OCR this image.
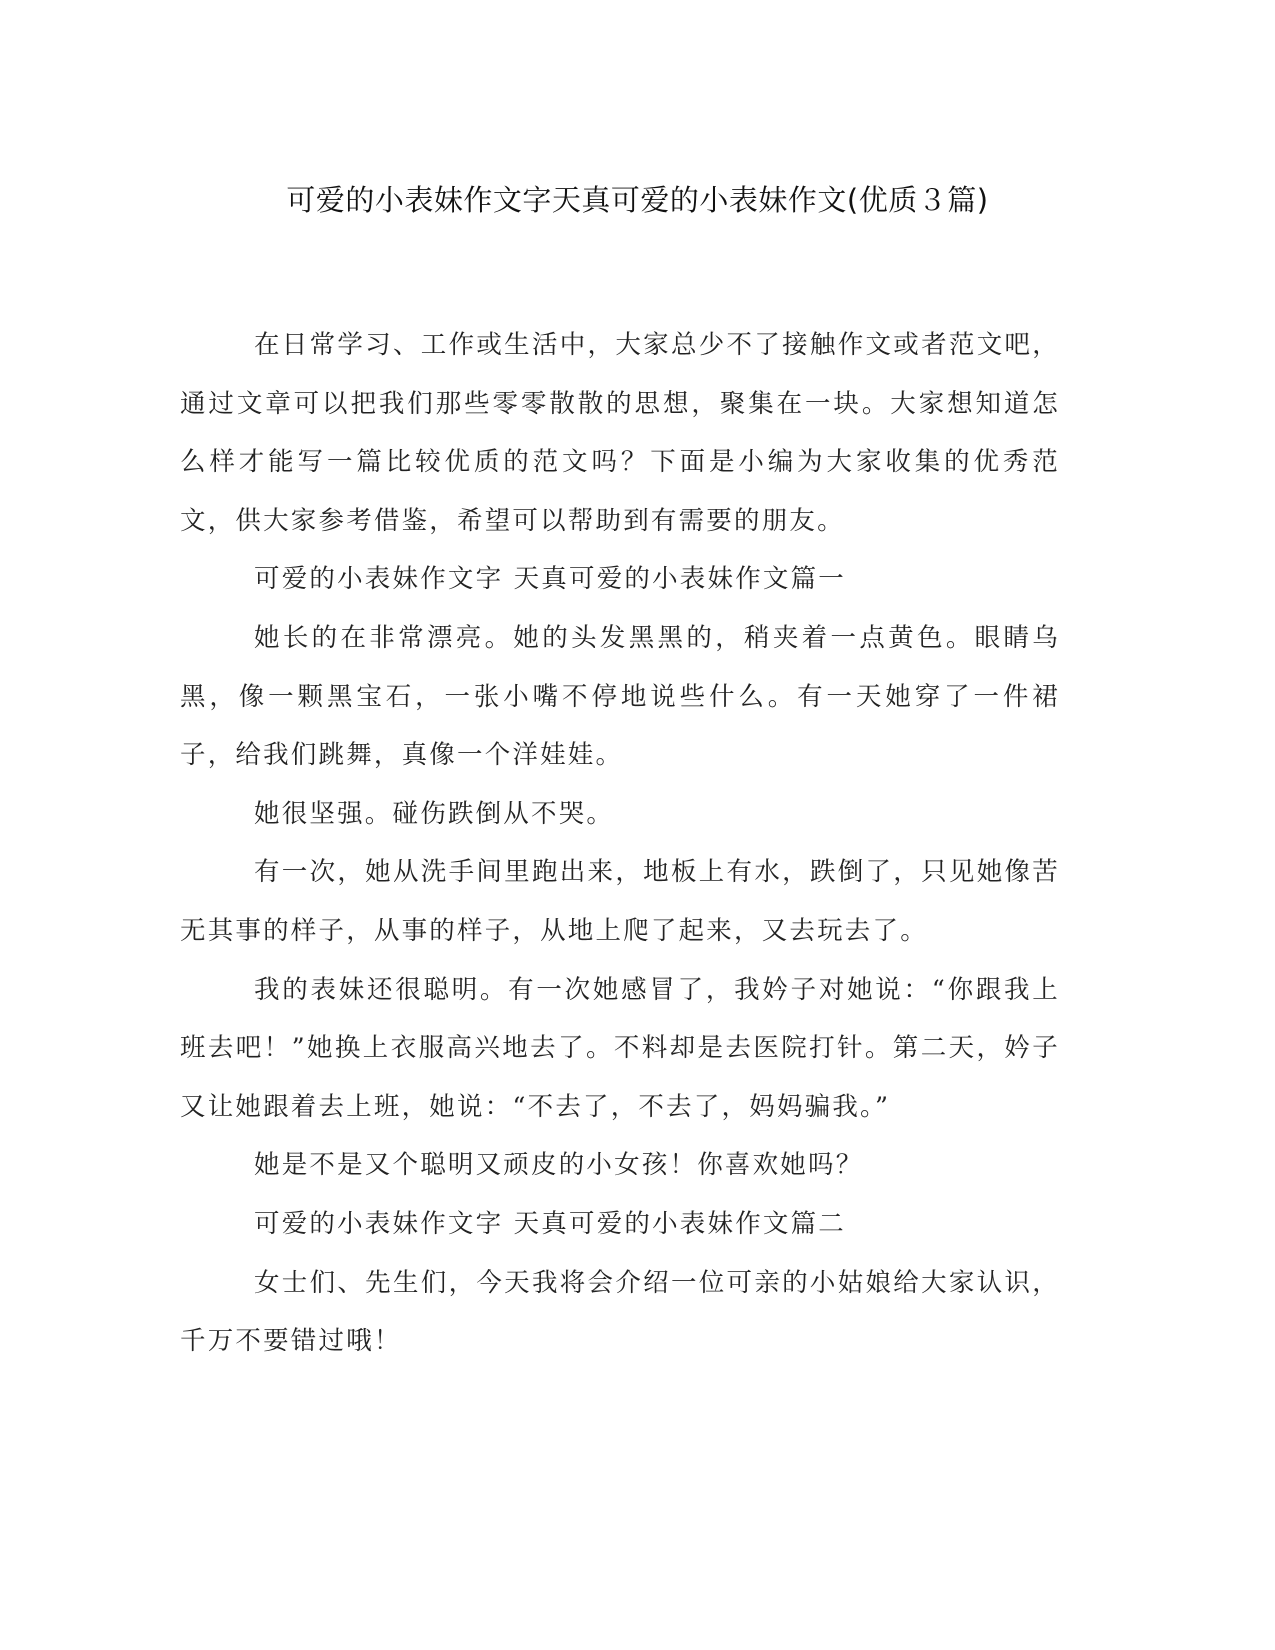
可爱的小表妹作文字天真可爱的小表妹作文(优质３篇)

在日常学习、工作或生活中，大家总少不了接触作文或者范文吧，通过文章可以把我们那些零零散散的思想，聚集在一块。大家想知道怎么样才能写一篇比较优质的范文吗？下面是小编为大家收集的优秀范文，供大家参考借鉴，希望可以帮助到有需要的朋友。

可爱的小表妹作文字 天真可爱的小表妹作文篇一

她长的在非常漂亮。她的头发黑黑的，稍夹着一点黄色。眼睛乌黑，像一颗黑宝石，一张小嘴不停地说些什么。有一天她穿了一件裙子，给我们跳舞，真像一个洋娃娃。

她很坚强。碰伤跌倒从不哭。

有一次，她从洗手间里跑出来，地板上有水，跌倒了，只见她像苦无其事的样子，从事的样子，从地上爬了起来，又去玩去了。

我的表妹还很聪明。有一次她感冒了，我妗子对她说：“你跟我上班去吧！”她换上衣服高兴地去了。不料却是去医院打针。第二天，妗子又让她跟着去上班，她说：“不去了，不去了，妈妈骗我。”

她是不是又个聪明又顽皮的小女孩！你喜欢她吗？

可爱的小表妹作文字 天真可爱的小表妹作文篇二

女士们、先生们，今天我将会介绍一位可亲的小姑娘给大家认识，千万不要错过哦！
